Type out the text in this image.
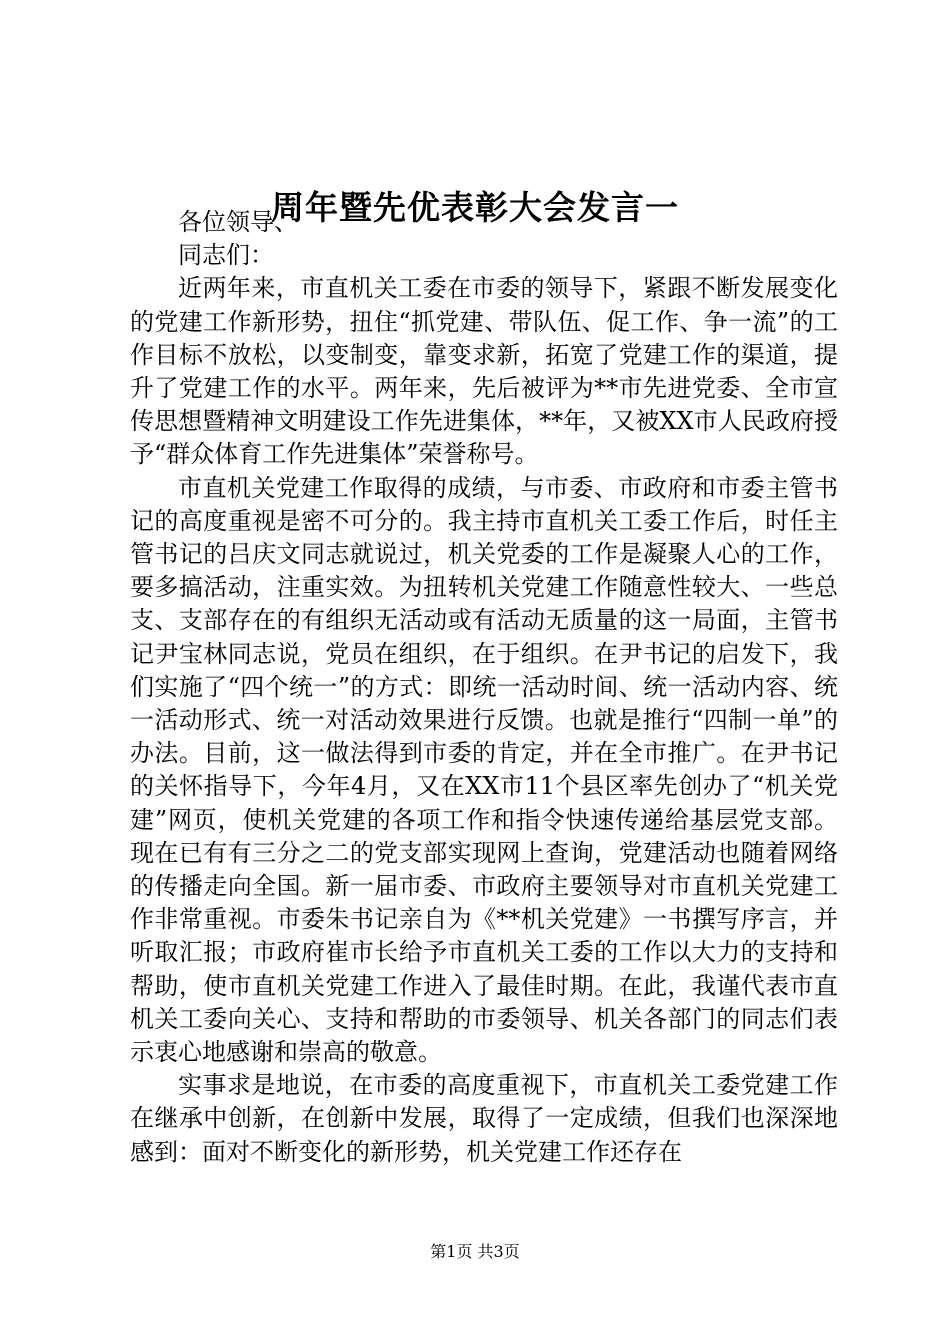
周年暨先优表彰大会发言一

各位领导、

同志们：

近两年来，市直机关工委在市委的领导下，紧跟不断发展变化的党建工作新形势，扭住“抓党建、带队伍、促工作、争一流”的工作目标不放松，以变制变，靠变求新，拓宽了党建工作的渠道，提升了党建工作的水平。两年来，先后被评为**市先进党委、全市宣传思想暨精神文明建设工作先进集体，**年，又被XX市人民政府授予“群众体育工作先进集体”荣誉称号。

市直机关党建工作取得的成绩，与市委、市政府和市委主管书记的高度重视是密不可分的。我主持市直机关工委工作后，时任主管书记的吕庆文同志就说过，机关党委的工作是凝聚人心的工作，要多搞活动，注重实效。为扭转机关党建工作随意性较大、一些总支、支部存在的有组织无活动或有活动无质量的这一局面，主管书记尹宝林同志说，党员在组织，在于组织。在尹书记的启发下，我们实施了“四个统一”的方式：即统一活动时间、统一活动内容、统一活动形式、统一对活动效果进行反馈。也就是推行“四制一单”的办法。目前，这一做法得到市委的肯定，并在全市推广。在尹书记的关怀指导下，今年4月，又在XX市11个县区率先创办了“机关党建”网页，使机关党建的各项工作和指令快速传递给基层党支部。现在已有有三分之二的党支部实现网上查询，党建活动也随着网络的传播走向全国。新一届市委、市政府主要领导对市直机关党建工作非常重视。市委朱书记亲自为《**机关党建》一书撰写序言，并听取汇报；市政府崔市长给予市直机关工委的工作以大力的支持和帮助，使市直机关党建工作进入了最佳时期。在此，我谨代表市直机关工委向关心、支持和帮助的市委领导、机关各部门的同志们表示衷心地感谢和崇高的敬意。

实事求是地说，在市委的高度重视下，市直机关工委党建工作在继承中创新，在创新中发展，取得了一定成绩，但我们也深深地感到：面对不断变化的新形势，机关党建工作还存在

第1页 共3页
